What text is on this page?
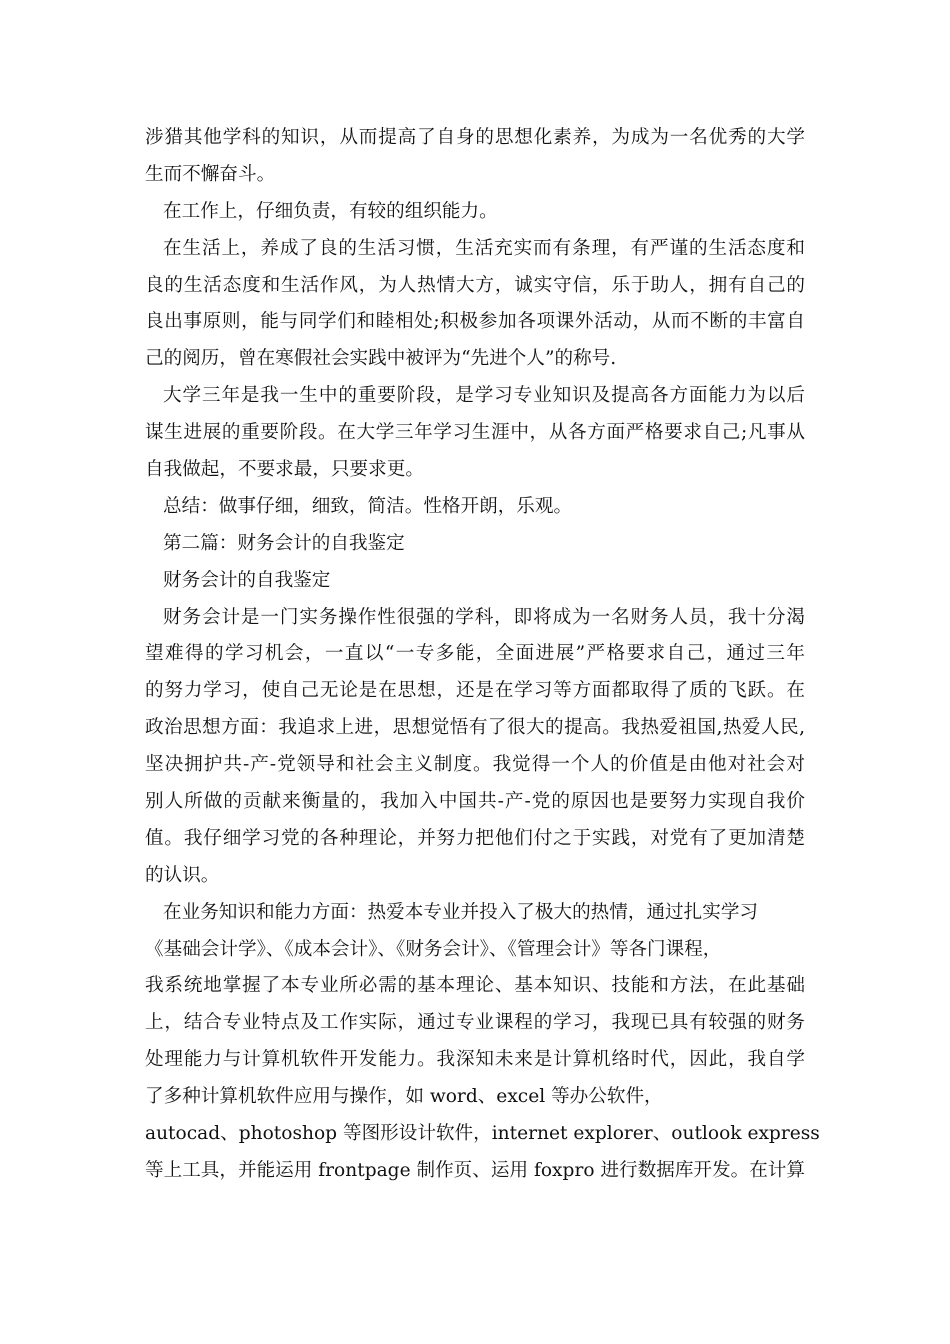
涉猎其他学科的知识，从而提高了自身的思想化素养，为成为一名优秀的大学
生而不懈奋斗。
在工作上，仔细负责，有较的组织能力。
在生活上，养成了良的生活习惯，生活充实而有条理，有严谨的生活态度和
良的生活态度和生活作风，为人热情大方，诚实守信，乐于助人，拥有自己的
良出事原则，能与同学们和睦相处;积极参加各项课外活动，从而不断的丰富自
己的阅历，曾在寒假社会实践中被评为“先进个人”的称号.
大学三年是我一生中的重要阶段，是学习专业知识及提高各方面能力为以后
谋生进展的重要阶段。在大学三年学习生涯中，从各方面严格要求自己;凡事从
自我做起，不要求最，只要求更。
总结：做事仔细，细致，简洁。性格开朗，乐观。
第二篇：财务会计的自我鉴定
财务会计的自我鉴定
财务会计是一门实务操作性很强的学科，即将成为一名财务人员，我十分渴
望难得的学习机会，一直以“一专多能，全面进展”严格要求自己，通过三年
的努力学习，使自己无论是在思想，还是在学习等方面都取得了质的飞跃。在
政治思想方面：我追求上进，思想觉悟有了很大的提高。我热爱祖国,热爱人民,
坚决拥护共-产-党领导和社会主义制度。我觉得一个人的价值是由他对社会对
别人所做的贡献来衡量的，我加入中国共-产-党的原因也是要努力实现自我价
值。我仔细学习党的各种理论，并努力把他们付之于实践，对党有了更加清楚
的认识。
在业务知识和能力方面：热爱本专业并投入了极大的热情，通过扎实学习
《基础会计学》、《成本会计》、《财务会计》、《管理会计》等各门课程，
我系统地掌握了本专业所必需的基本理论、基本知识、技能和方法，在此基础
上，结合专业特点及工作实际，通过专业课程的学习，我现已具有较强的财务
处理能力与计算机软件开发能力。我深知未来是计算机络时代，因此，我自学
了多种计算机软件应用与操作，如 word、excel 等办公软件，
autocad、photoshop 等图形设计软件，internet explorer、outlook express
等上工具，并能运用 frontpage 制作页、运用 foxpro 进行数据库开发。在计算
